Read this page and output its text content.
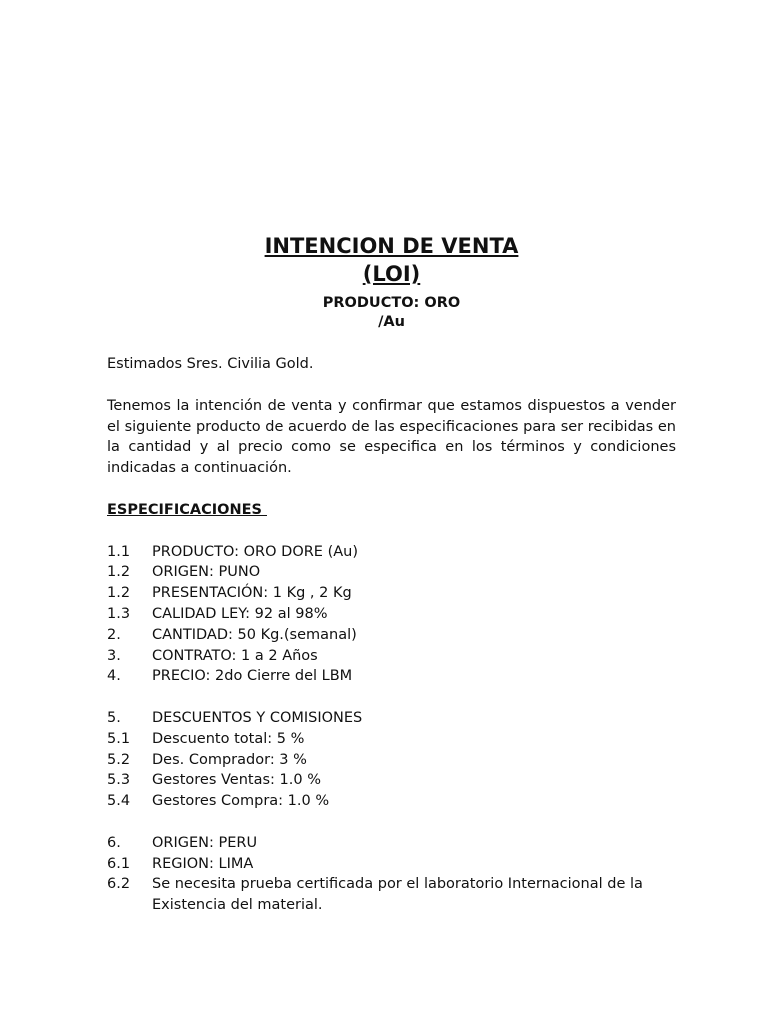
INTENCION DE VENTA
(LOI)
PRODUCTO: ORO
/Au

Estimados Sres. Civilia Gold.

Tenemos la intención de venta y confirmar que estamos dispuestos a vender el siguiente producto de acuerdo de las especificaciones para ser recibidas en la cantidad y al precio como se especifica en los términos y condiciones indicadas a continuación.

ESPECIFICACIONES
1.1	PRODUCTO: ORO DORE (Au)
1.2	ORIGEN: PUNO
1.2	PRESENTACIÓN: 1 Kg , 2 Kg
1.3	CALIDAD LEY: 92 al 98%
2.	CANTIDAD: 50 Kg.(semanal)
3.	CONTRATO: 1 a 2 Años
4.	PRECIO: 2do Cierre del LBM
5.	DESCUENTOS Y COMISIONES
5.1	Descuento total: 5 %
5.2	Des. Comprador: 3 %
5.3	Gestores Ventas: 1.0 %
5.4	Gestores Compra: 1.0 %
6.	ORIGEN: PERU
6.1	REGION: LIMA
6.2	Se necesita prueba certificada por el laboratorio Internacional de la Existencia del material.
